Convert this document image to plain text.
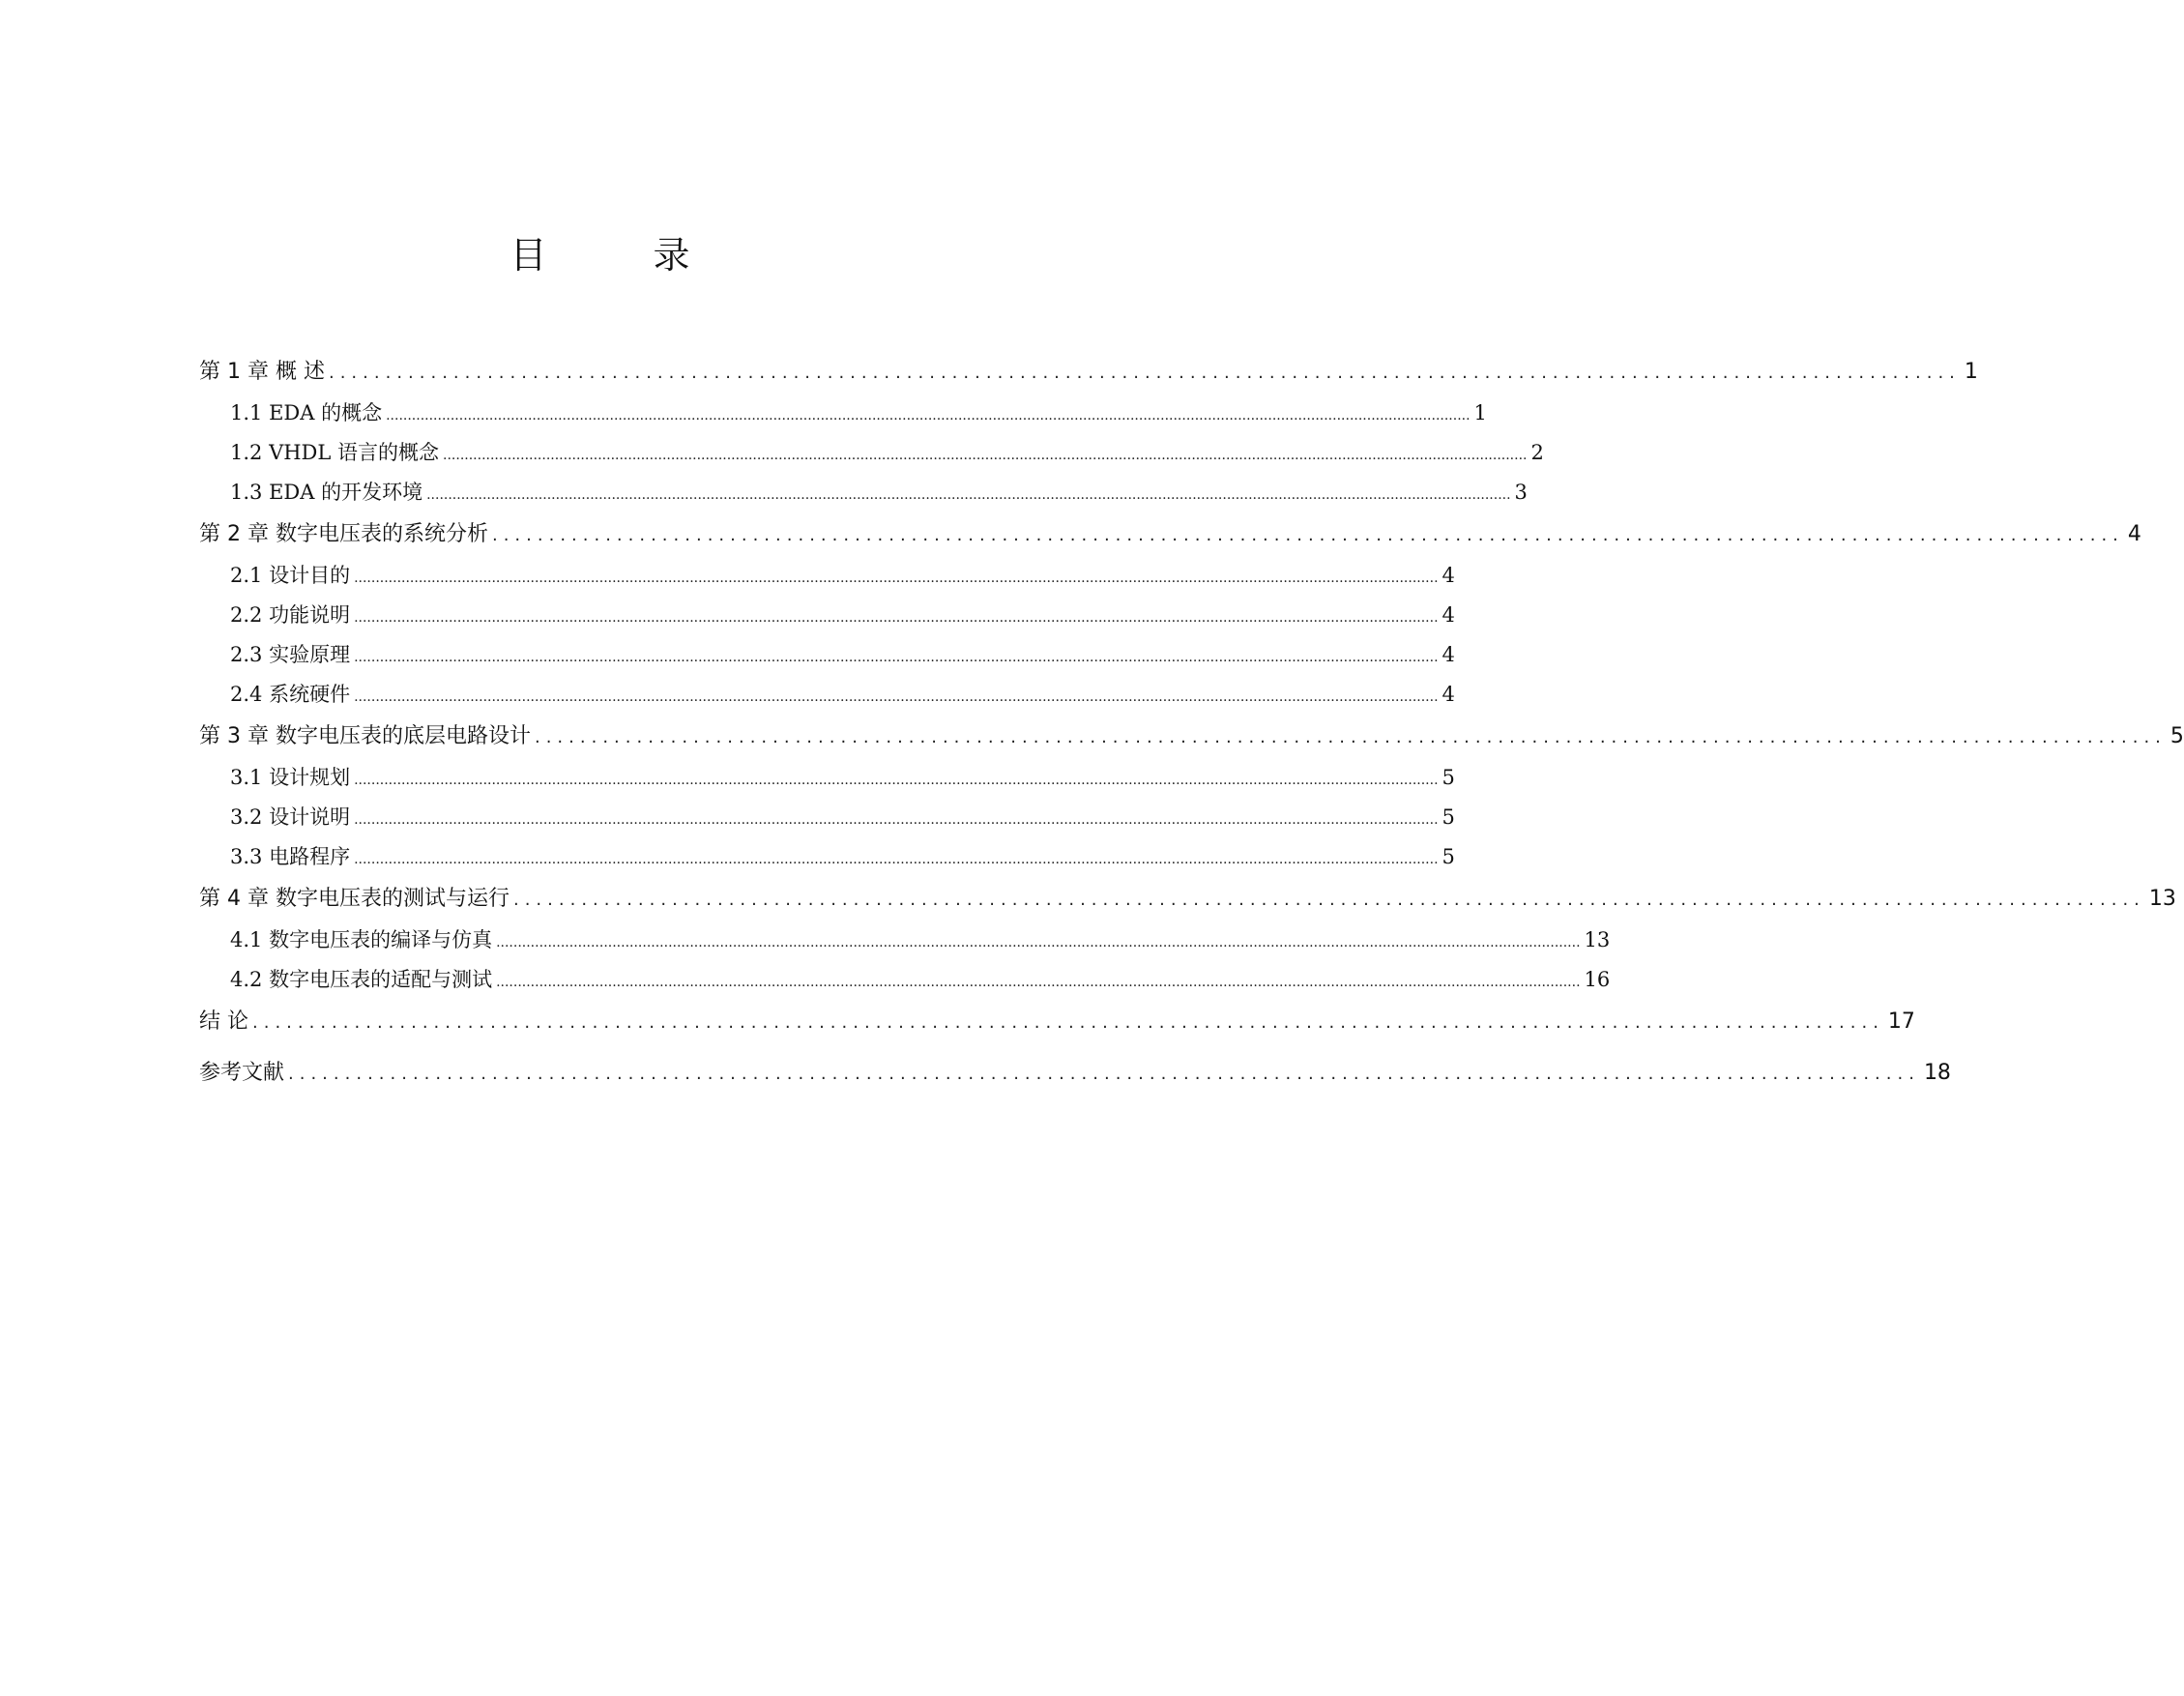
目　录
第 1 章 概 述 ................................................................................................................................................ 1
1.1 EDA 的概念 ............................................................................................................................................................................................................................................................ 1
1.2 VHDL 语言的概念 ............................................................................................................................................................................................................................................................ 2
1.3 EDA 的开发环境 ............................................................................................................................................................................................................................................................ 3
第 2 章 数字电压表的系统分析 ................................................................................................................................................ 4
2.1 设计目的 ............................................................................................................................................................................................................................................................ 4
2.2 功能说明 ............................................................................................................................................................................................................................................................ 4
2.3 实验原理 ............................................................................................................................................................................................................................................................ 4
2.4 系统硬件 ............................................................................................................................................................................................................................................................ 4
第 3 章 数字电压表的底层电路设计 ................................................................................................................................................ 5
3.1 设计规划 ............................................................................................................................................................................................................................................................ 5
3.2 设计说明 ............................................................................................................................................................................................................................................................ 5
3.3 电路程序 ............................................................................................................................................................................................................................................................ 5
第 4 章 数字电压表的测试与运行 ................................................................................................................................................ 13
4.1 数字电压表的编译与仿真 ............................................................................................................................................................................................................................................................ 13
4.2 数字电压表的适配与测试 ............................................................................................................................................................................................................................................................ 16
结 论 ................................................................................................................................................ 17
参考文献 ................................................................................................................................................ 18
